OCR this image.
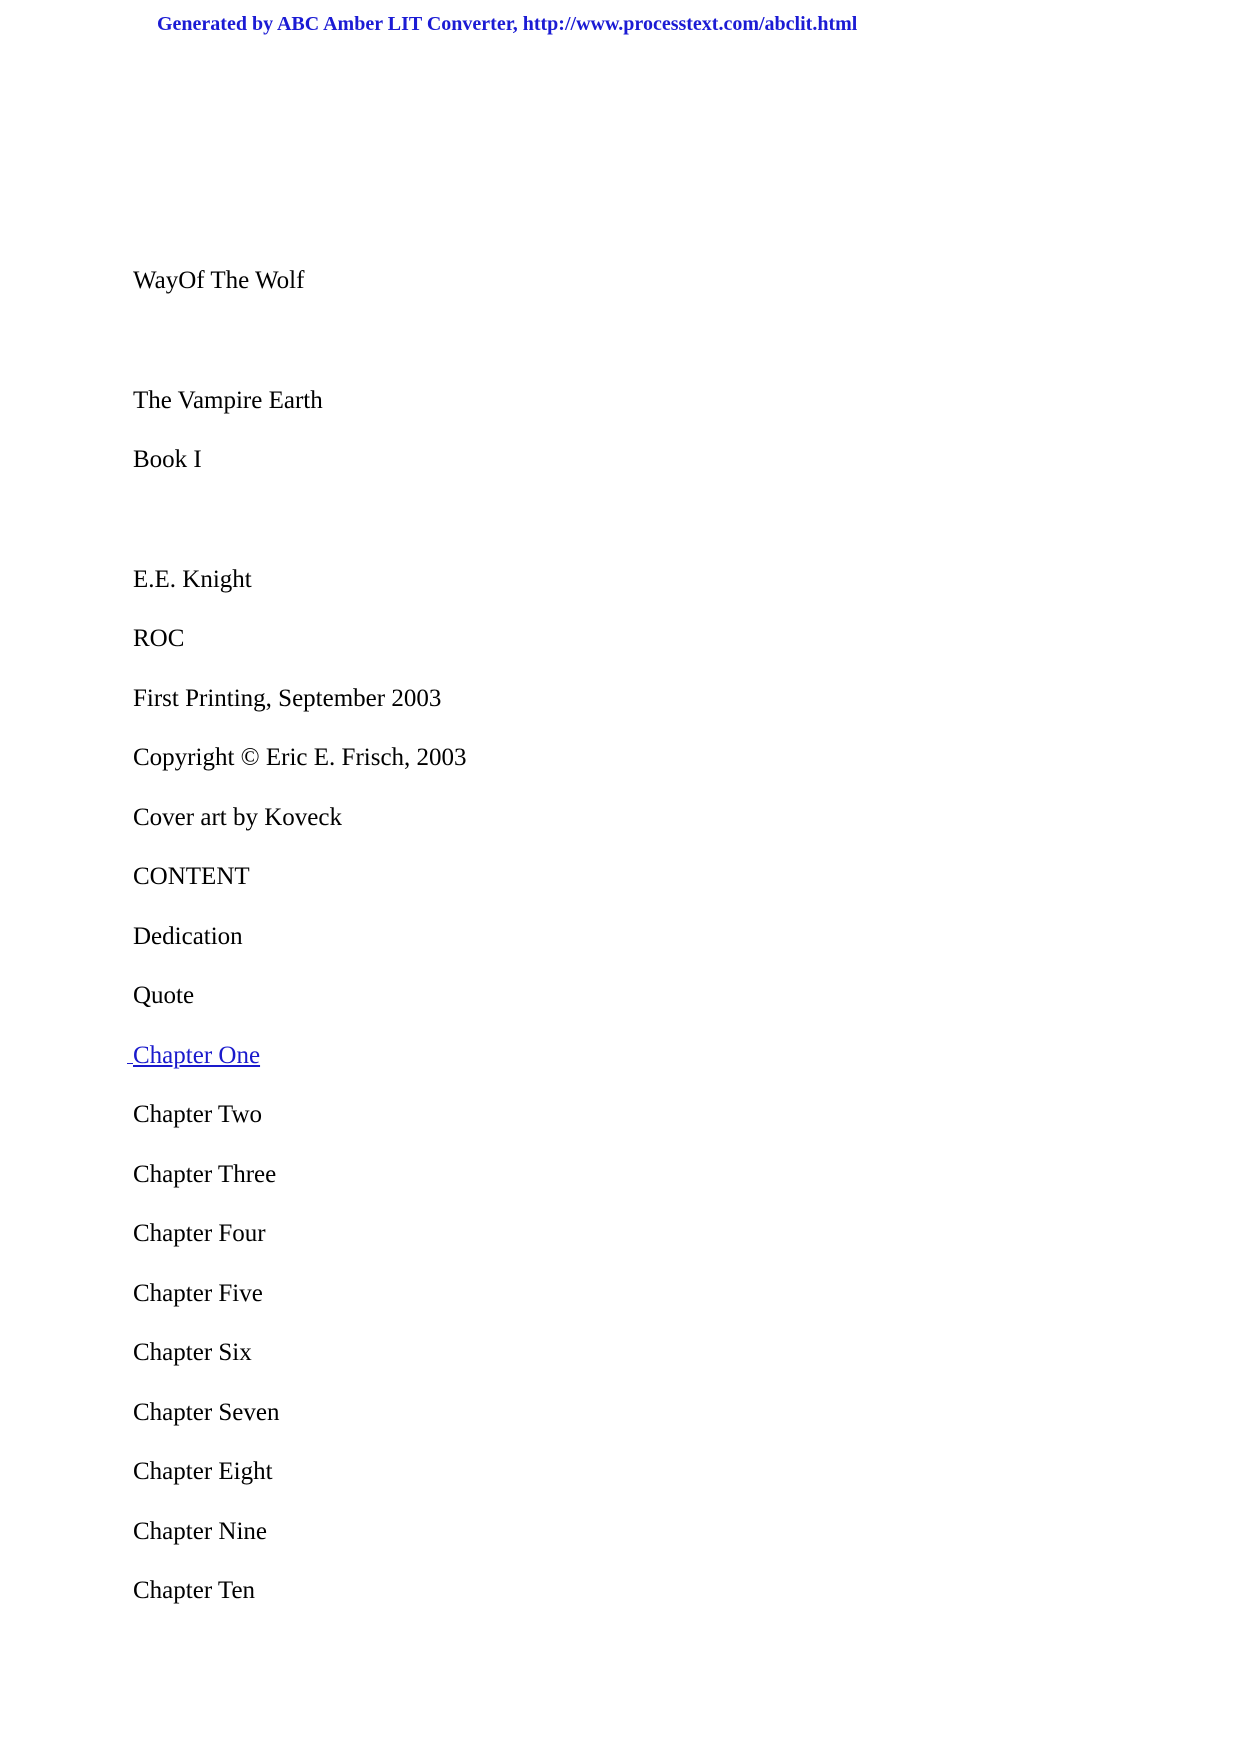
Generated by ABC Amber LIT Converter, http://www.processtext.com/abclit.html
WayOf The Wolf
The Vampire Earth
Book I
E.E. Knight
ROC
First Printing, September 2003
Copyright © Eric E. Frisch, 2003
Cover art by Koveck
CONTENT
Dedication
Quote
Chapter One
Chapter Two
Chapter Three
Chapter Four
Chapter Five
Chapter Six
Chapter Seven
Chapter Eight
Chapter Nine
Chapter Ten
